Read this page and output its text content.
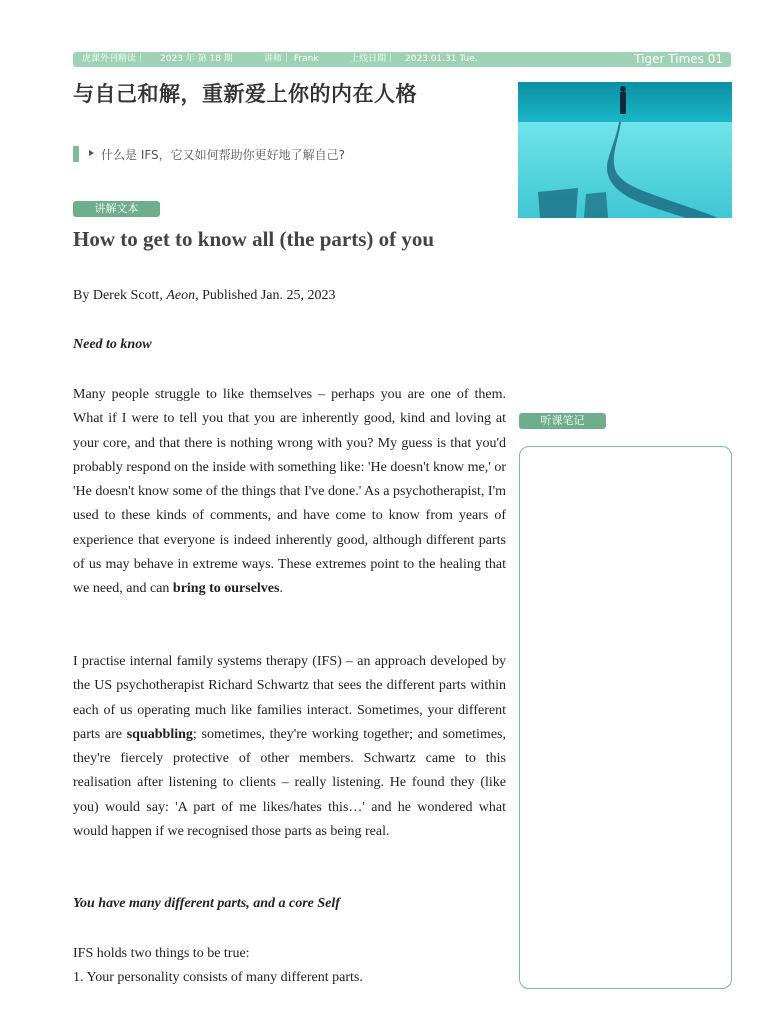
虎课外刊精读｜ 2023 年 第 18 期	讲师｜ Frank	上线日期｜ 2023.01.31 Tue.	Tiger Times 01
与自己和解，重新爱上你的内在人格
什么是 IFS，它又如何帮助你更好地了解自己?
讲解文本
How to get to know all (the parts) of you
By Derek Scott, Aeon, Published Jan. 25, 2023
Need to know
Many people struggle to like themselves – perhaps you are one of them. What if I were to tell you that you are inherently good, kind and loving at your core, and that there is nothing wrong with you? My guess is that you'd probably respond on the inside with something like: 'He doesn't know me,' or 'He doesn't know some of the things that I've done.' As a psychotherapist, I'm used to these kinds of comments, and have come to know from years of experience that everyone is indeed inherently good, although different parts of us may behave in extreme ways. These extremes point to the healing that we need, and can bring to ourselves.
I practise internal family systems therapy (IFS) – an approach developed by the US psychotherapist Richard Schwartz that sees the different parts within each of us operating much like families interact. Sometimes, your different parts are squabbling; sometimes, they're working together; and sometimes, they're fiercely protective of other members. Schwartz came to this realisation after listening to clients – really listening. He found they (like you) would say: 'A part of me likes/hates this…' and he wondered what would happen if we recognised those parts as being real.
You have many different parts, and a core Self
IFS holds two things to be true:
1. Your personality consists of many different parts.
听课笔记
